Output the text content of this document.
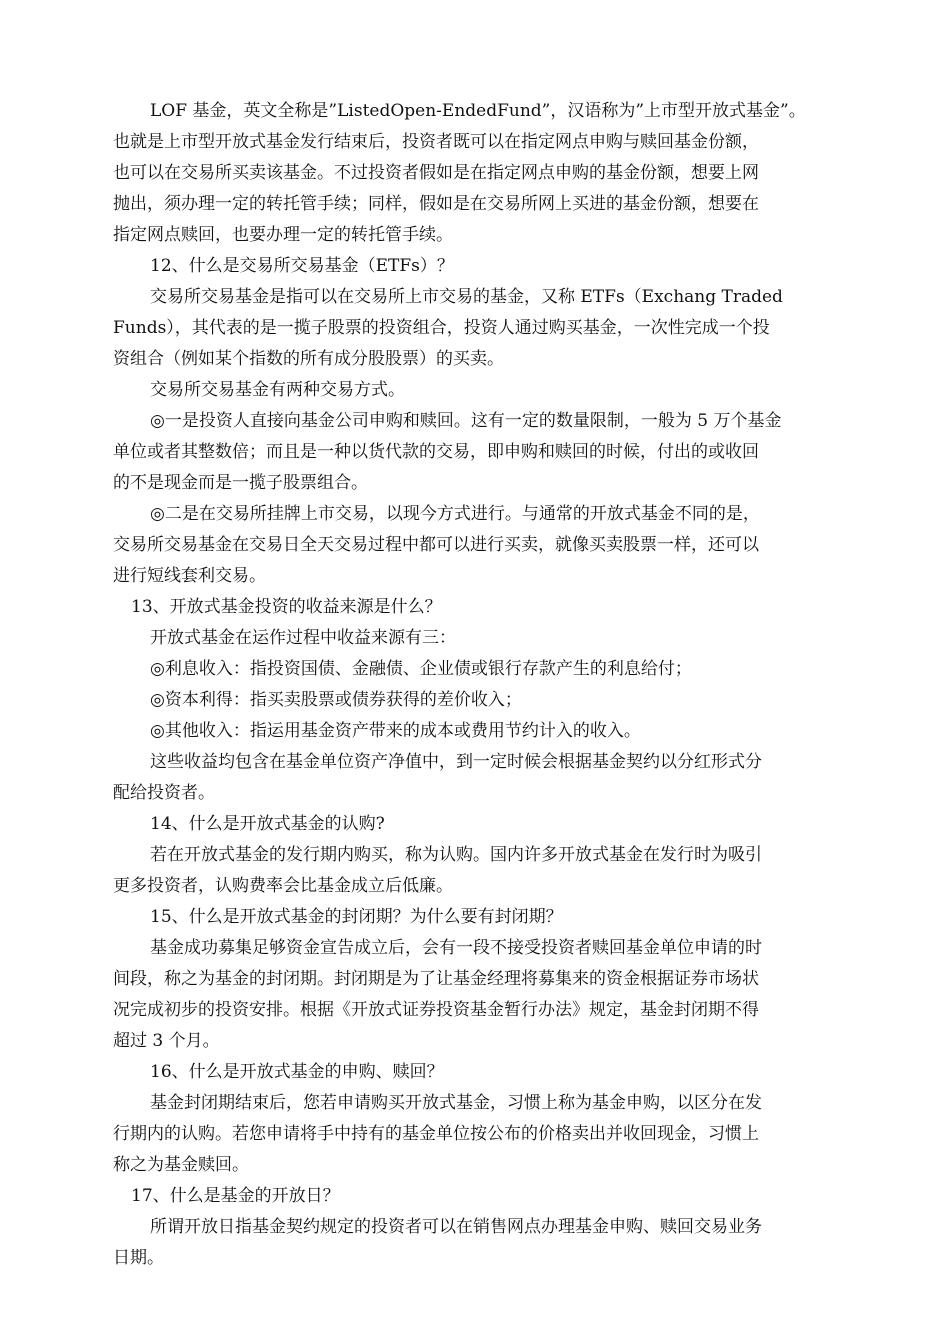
LOF 基金，英文全称是”ListedOpen-EndedFund”，汉语称为”上市型开放式基金”。
也就是上市型开放式基金发行结束后，投资者既可以在指定网点申购与赎回基金份额，
也可以在交易所买卖该基金。不过投资者假如是在指定网点申购的基金份额，想要上网
抛出，须办理一定的转托管手续；同样，假如是在交易所网上买进的基金份额，想要在
指定网点赎回，也要办理一定的转托管手续。
12、什么是交易所交易基金（ETFs）？
交易所交易基金是指可以在交易所上市交易的基金，又称 ETFs（Exchang Traded
Funds），其代表的是一揽子股票的投资组合，投资人通过购买基金，一次性完成一个投
资组合（例如某个指数的所有成分股股票）的买卖。
交易所交易基金有两种交易方式。
◎一是投资人直接向基金公司申购和赎回。这有一定的数量限制，一般为 5 万个基金
单位或者其整数倍；而且是一种以货代款的交易，即申购和赎回的时候，付出的或收回
的不是现金而是一揽子股票组合。
◎二是在交易所挂牌上市交易，以现今方式进行。与通常的开放式基金不同的是，
交易所交易基金在交易日全天交易过程中都可以进行买卖，就像买卖股票一样，还可以
进行短线套利交易。
13、开放式基金投资的收益来源是什么？
开放式基金在运作过程中收益来源有三：
◎利息收入：指投资国债、金融债、企业债或银行存款产生的利息给付；
◎资本利得：指买卖股票或债券获得的差价收入；
◎其他收入：指运用基金资产带来的成本或费用节约计入的收入。
这些收益均包含在基金单位资产净值中，到一定时候会根据基金契约以分红形式分
配给投资者。
14、什么是开放式基金的认购?
若在开放式基金的发行期内购买，称为认购。国内许多开放式基金在发行时为吸引
更多投资者，认购费率会比基金成立后低廉。
15、什么是开放式基金的封闭期？为什么要有封闭期？
基金成功募集足够资金宣告成立后，会有一段不接受投资者赎回基金单位申请的时
间段，称之为基金的封闭期。封闭期是为了让基金经理将募集来的资金根据证券市场状
况完成初步的投资安排。根据《开放式证券投资基金暂行办法》规定，基金封闭期不得
超过 3 个月。
16、什么是开放式基金的申购、赎回？
基金封闭期结束后，您若申请购买开放式基金，习惯上称为基金申购，以区分在发
行期内的认购。若您申请将手中持有的基金单位按公布的价格卖出并收回现金，习惯上
称之为基金赎回。
17、什么是基金的开放日？
所谓开放日指基金契约规定的投资者可以在销售网点办理基金申购、赎回交易业务
日期。
